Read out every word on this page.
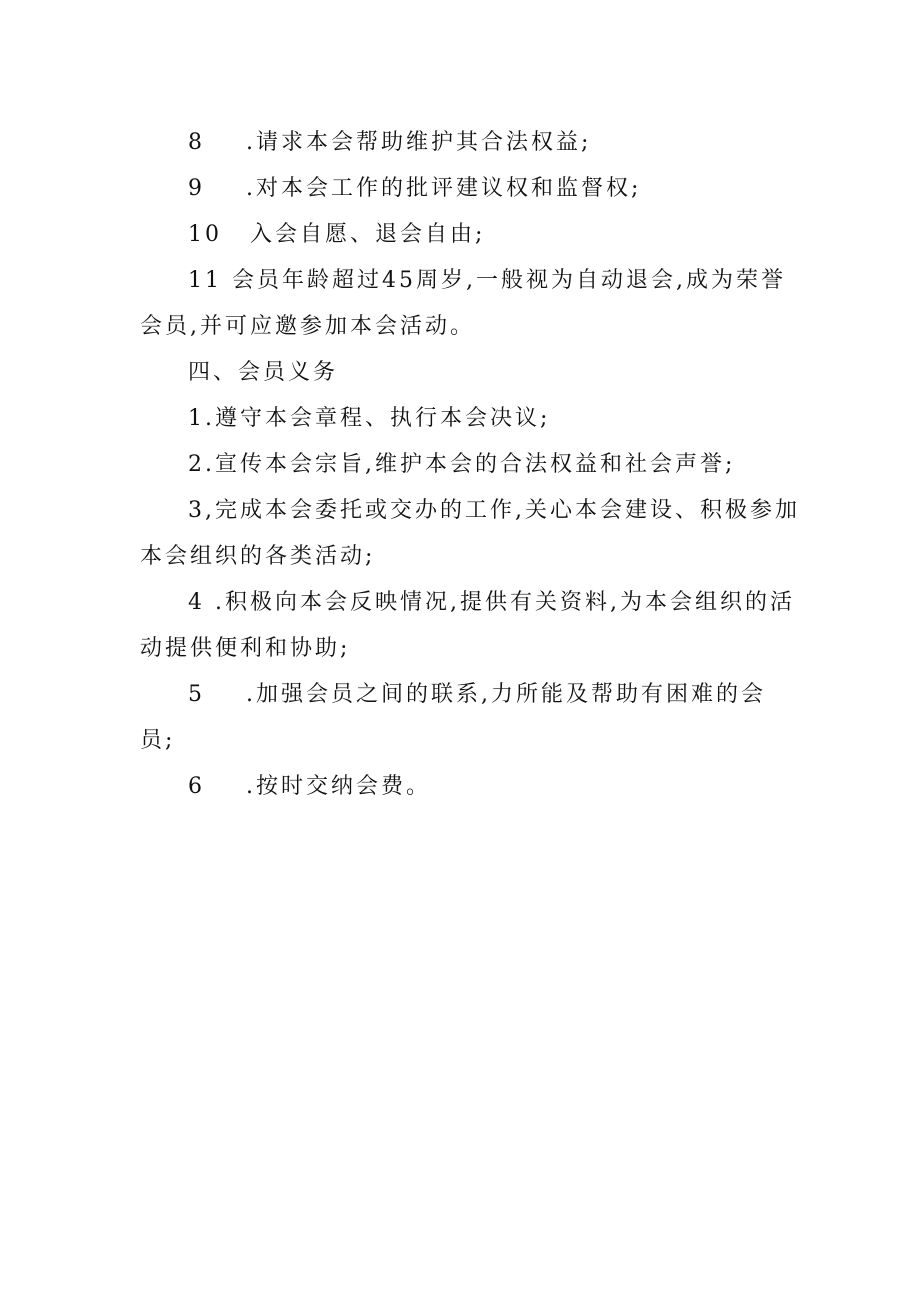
8 .请求本会帮助维护其合法权益;
9 .对本会工作的批评建议权和监督权;
10 入会自愿、退会自由;
11 会员年龄超过45周岁,一般视为自动退会,成为荣誉
会员,并可应邀参加本会活动。
四、会员义务
1.遵守本会章程、执行本会决议;
2.宣传本会宗旨,维护本会的合法权益和社会声誉;
3,完成本会委托或交办的工作,关心本会建设、积极参加
本会组织的各类活动;
4 .积极向本会反映情况,提供有关资料,为本会组织的活
动提供便利和协助;
5 .加强会员之间的联系,力所能及帮助有困难的会
员;
6 .按时交纳会费。
